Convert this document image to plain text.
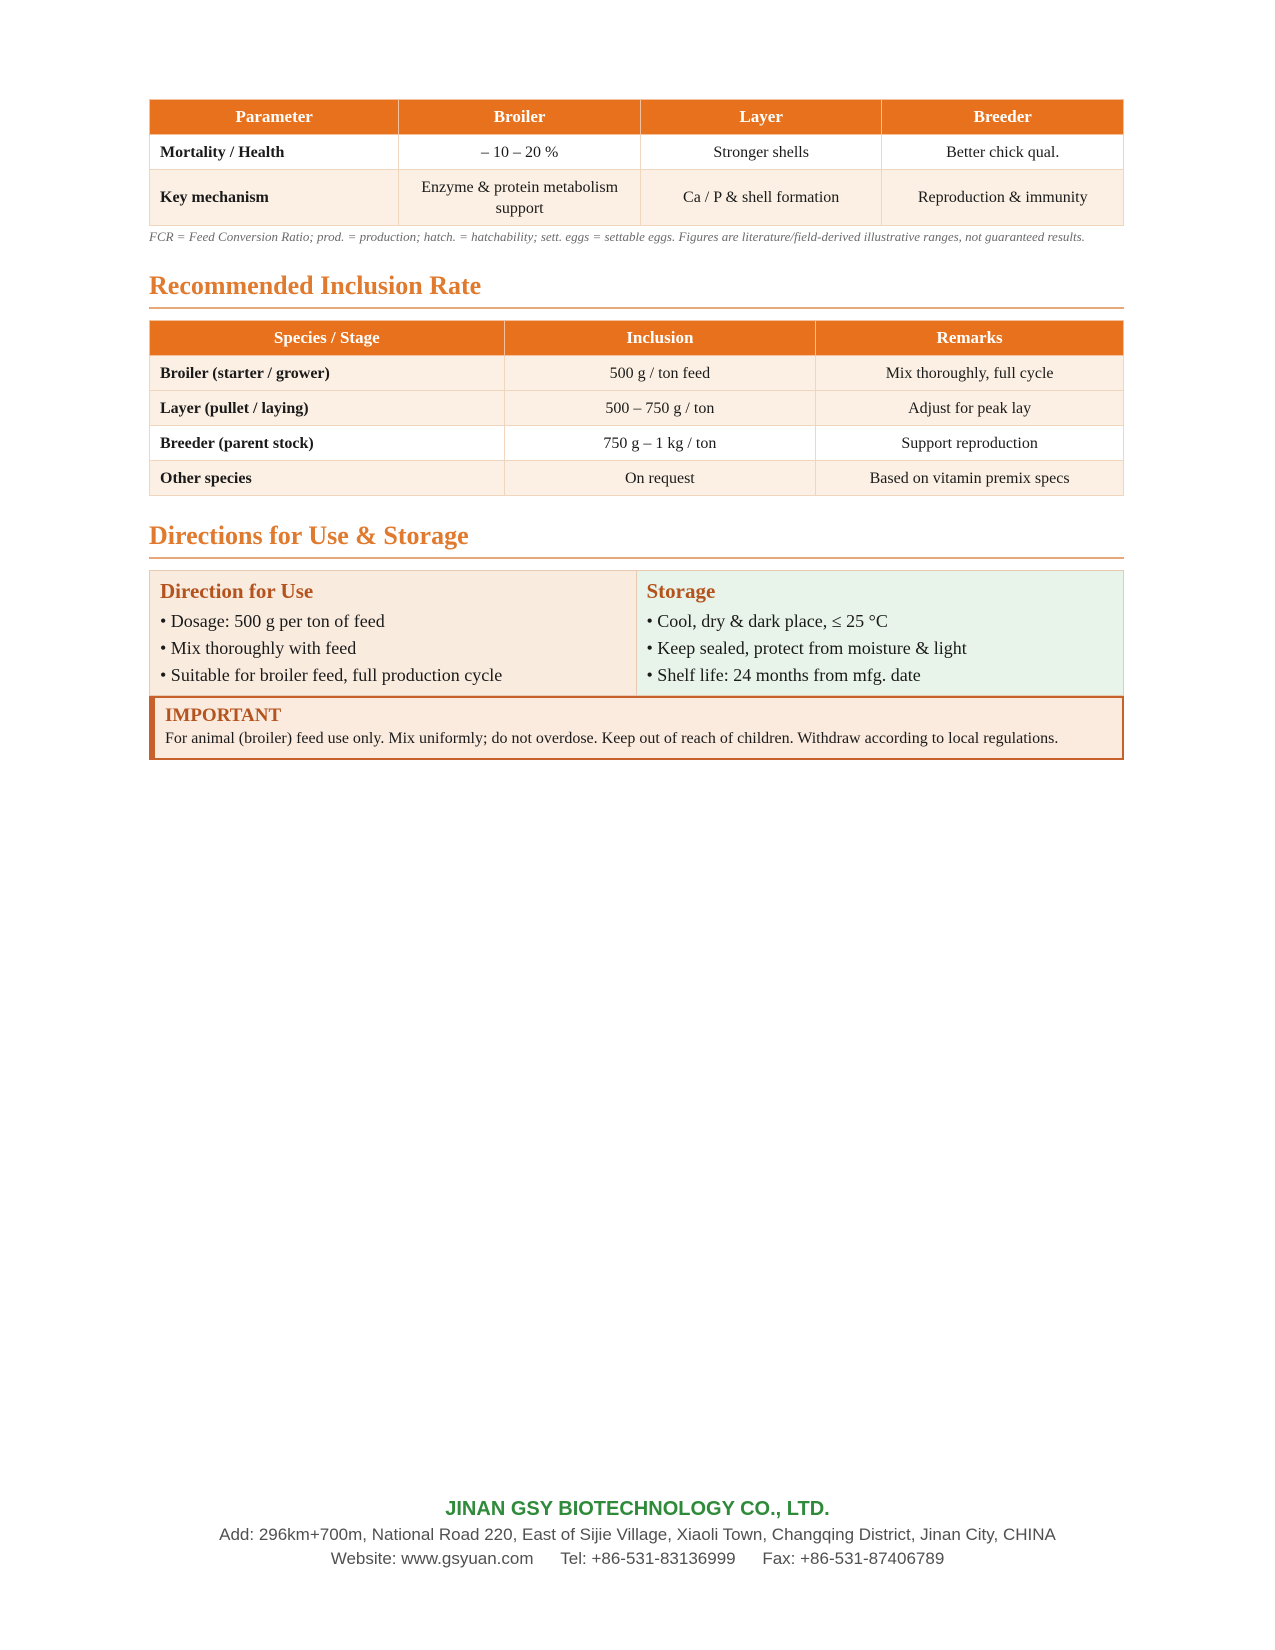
Parameter	Broiler	Layer	Breeder
Mortality / Health	– 10 – 20 %	Stronger shells	Better chick qual.
Key mechanism	Enzyme & protein metabolism support	Ca / P & shell formation	Reproduction & immunity
FCR = Feed Conversion Ratio; prod. = production; hatch. = hatchability; sett. eggs = settable eggs. Figures are literature/field-derived illustrative ranges, not guaranteed results.
Recommended Inclusion Rate
Species / Stage	Inclusion	Remarks
Broiler (starter / grower)	500 g / ton feed	Mix thoroughly, full cycle
Layer (pullet / laying)	500 – 750 g / ton	Adjust for peak lay
Breeder (parent stock)	750 g – 1 kg / ton	Support reproduction
Other species	On request	Based on vitamin premix specs
Directions for Use & Storage
Direction for Use
• Dosage: 500 g per ton of feed
• Mix thoroughly with feed
• Suitable for broiler feed, full production cycle
Storage
• Cool, dry & dark place, ≤ 25 °C
• Keep sealed, protect from moisture & light
• Shelf life: 24 months from mfg. date
IMPORTANT
For animal (broiler) feed use only. Mix uniformly; do not overdose. Keep out of reach of children. Withdraw according to local regulations.
JINAN GSY BIOTECHNOLOGY CO., LTD.
Add: 296km+700m, National Road 220, East of Sijie Village, Xiaoli Town, Changqing District, Jinan City, CHINA
Website: www.gsyuan.com Tel: +86-531-83136999 Fax: +86-531-87406789
